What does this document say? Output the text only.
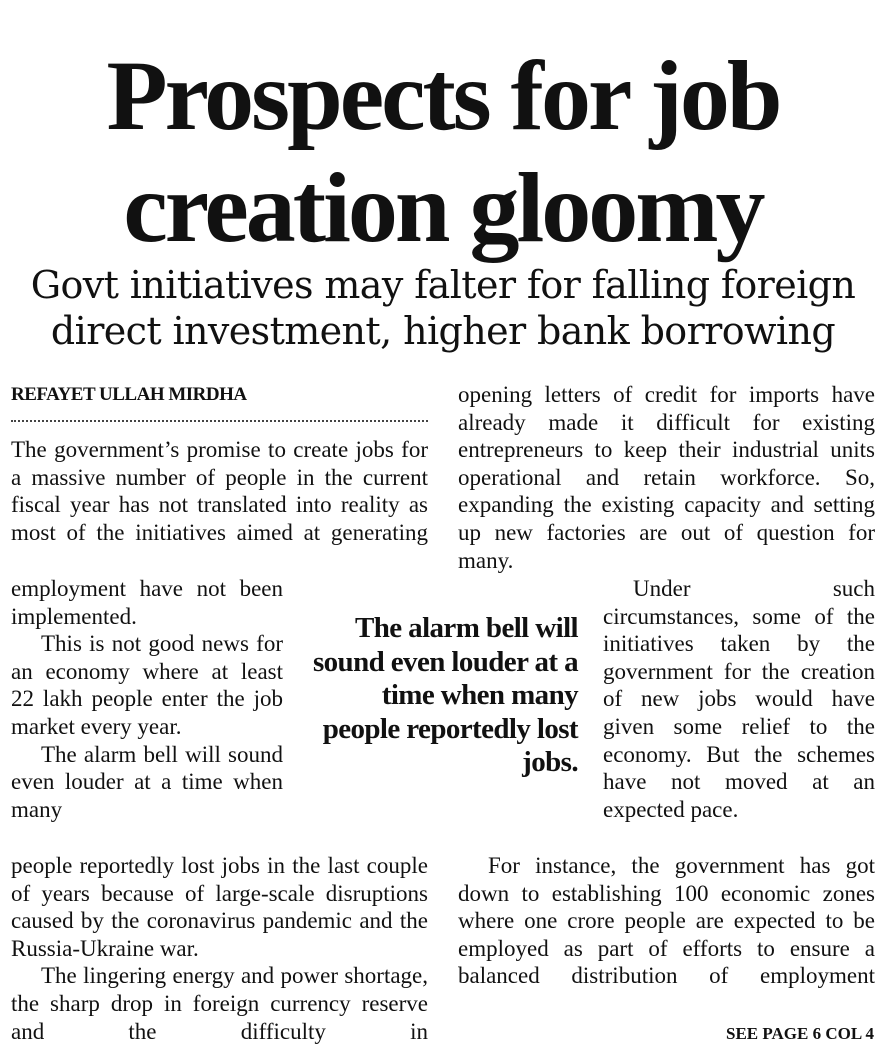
Prospects for job
creation gloomy
Govt initiatives may falter for falling foreign
direct investment, higher bank borrowing
REFAYET ULLAH MIRDHA

The government’s promise to create jobs for a massive number of people in the current fiscal year has not translated into reality as most of the initiatives aimed at generating

employment have not been implemented.

This is not good news for an economy where at least 22 lakh people enter the job market every year.

The alarm bell will sound even louder at a time when many

people reportedly lost jobs in the last couple of years because of large-scale disruptions caused by the coronavirus pandemic and the Russia-Ukraine war.

The lingering energy and power shortage, the sharp drop in foreign currency reserve and the difficulty in

The alarm bell will sound even louder at a time when many people reportedly lost jobs.

opening letters of credit for imports have already made it difficult for existing entrepreneurs to keep their industrial units operational and retain workforce. So, expanding the existing capacity and setting up new factories are out of question for many.

Under such circumstances, some of the initiatives taken by the government for the creation of new jobs would have given some relief to the economy. But the schemes have not moved at an expected pace.

For instance, the government has got down to establishing 100 economic zones where one crore people are expected to be employed as part of efforts to ensure a balanced distribution of employment

SEE PAGE 6 COL 4
